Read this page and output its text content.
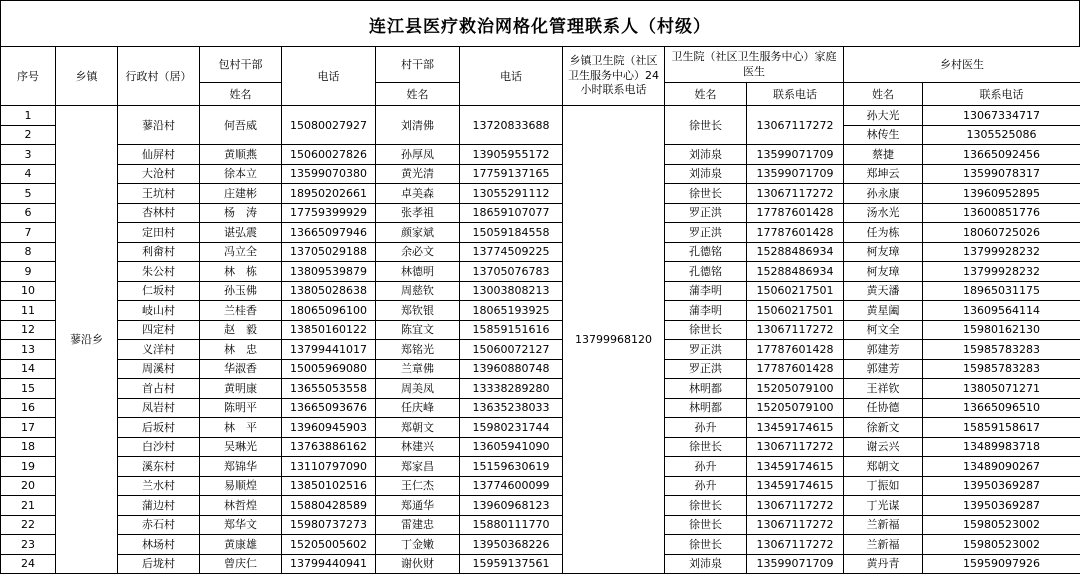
连江县医疗救治网格化管理联系人（村级）
序号	乡镇	行政村（居）	包村干部	电话	村干部	电话	乡镇卫生院（社区卫生服务中心）24小时联系电话	卫生院（社区卫生服务中心）家庭医生		乡村医生	
			姓名		姓名			姓名	联系电话	姓名	联系电话
1	蓼沿乡	蓼沿村	何吾威	15080027927	刘清佛	13720833688	13799968120	徐世长	13067117272	孙大光	13067334717
2										林传生	1305525086
3		仙屏村	黄顺燕	15060027826	孙厚凤	13905955172		刘沛泉	13599071709	蔡捷	13665092456
4		大沧村	徐本立	13599070380	黄光清	17759137165		刘沛泉	13599071709	郑坤云	13599078317
5		王坑村	庄建彬	18950202661	卓美森	13055291112		徐世长	13067117272	孙永康	13960952895
6		杏林村	杨　涛	17759399929	张孝祖	18659107077		罗正洪	17787601428	汤水光	13600851776
7		定田村	谌弘震	13665097946	颜家斌	15059184558		罗正洪	17787601428	任为栋	18060725026
8		利畲村	冯立全	13705029188	余必文	13774509225		孔德铭	15288486934	柯友璋	13799928232
9		朱公村	林　栋	13809539879	林德明	13705076783		孔德铭	15288486934	柯友璋	13799928232
10		仁坂村	孙玉佛	13805028638	周慈钦	13003808213		蒲李明	15060217501	黄天潘	18965031175
11		岐山村	兰桂香	18065096100	郑钦银	18065193925		蒲李明	15060217501	黄星阖	13609564114
12		四定村	赵　毅	13850160122	陈宜文	15859151616		徐世长	13067117272	柯文全	15980162130
13		义洋村	林　忠	13799441017	郑铭光	15060072127		罗正洪	17787601428	郭建芳	15985783283
14		周溪村	华淑香	15005969080	兰章佛	13960880748		罗正洪	17787601428	郭建芳	15985783283
15		首占村	黄明康	13655053558	周美凤	13338289280		林明都	15205079100	王祥钦	13805071271
16		凤岩村	陈明平	13665093676	任庆峰	13635238033		林明都	15205079100	任协德	13665096510
17		后坂村	林　平	13960945903	郑朝文	15980231744		孙升	13459174615	徐新文	15859158617
18		白沙村	吴琳光	13763886162	林建兴	13605941090		徐世长	13067117272	谢云兴	13489983718
19		溪东村	郑锦华	13110797090	郑家昌	15159630619		孙升	13459174615	郑朝文	13489090267
20		兰水村	易顺煌	13850102516	王仁杰	13774600099		孙升	13459174615	丁振如	13950369287
21		蒲边村	林哲煌	15880428589	郑通华	13960968123		徐世长	13067117272	丁光谋	13950369287
22		赤石村	郑华文	15980737273	雷建忠	15880111770		徐世长	13067117272	兰新福	15980523002
23		林场村	黄康雄	15205005602	丁金嫩	13950368226		徐世长	13067117272	兰新福	15980523002
24		后垅村	曾庆仁	13799440941	谢伙财	15959137561		刘沛泉	13599071709	黄丹青	15959097926
